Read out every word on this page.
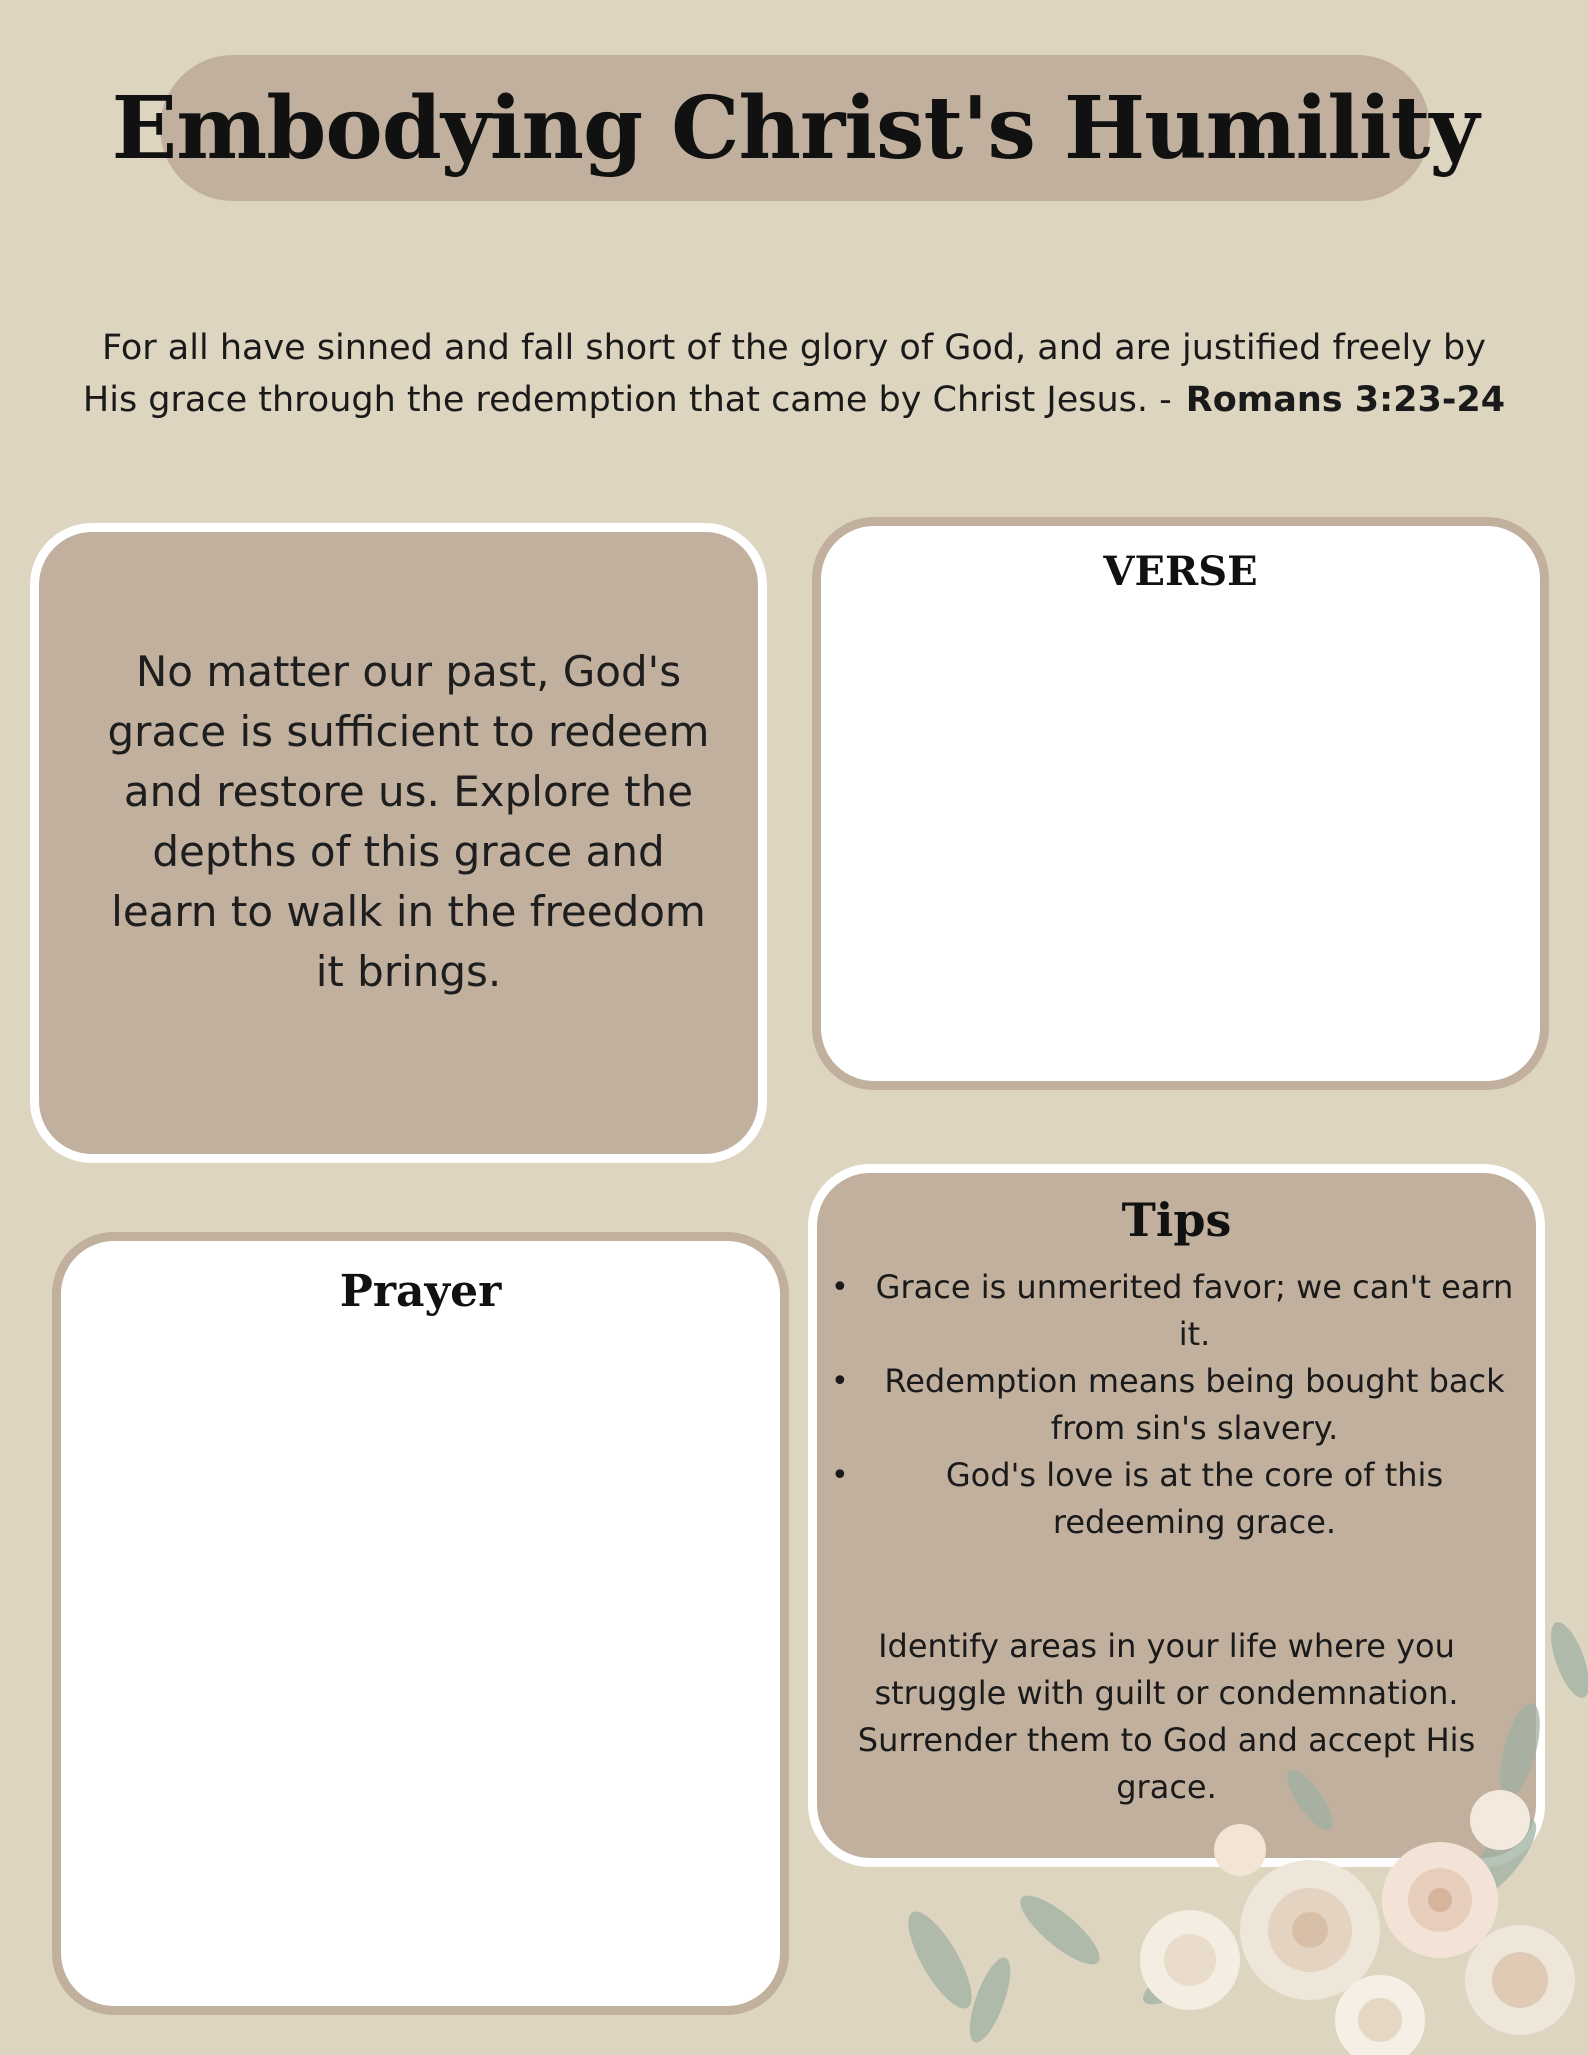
Embodying Christ's Humility
For all have sinned and fall short of the glory of God, and are justified freely by
His grace through the redemption that came by Christ Jesus. - Romans 3:23-24

No matter our past, God's grace is sufficient to redeem and restore us. Explore the depths of this grace and learn to walk in the freedom it brings.

VERSE
Prayer
Tips
• Grace is unmerited favor; we can't earn it.
•	Redemption means being bought back from sin's slavery.
•	God's love is at the core of this redeeming grace.

Identify areas in your life where you struggle with guilt or condemnation. Surrender them to God and accept His grace.
